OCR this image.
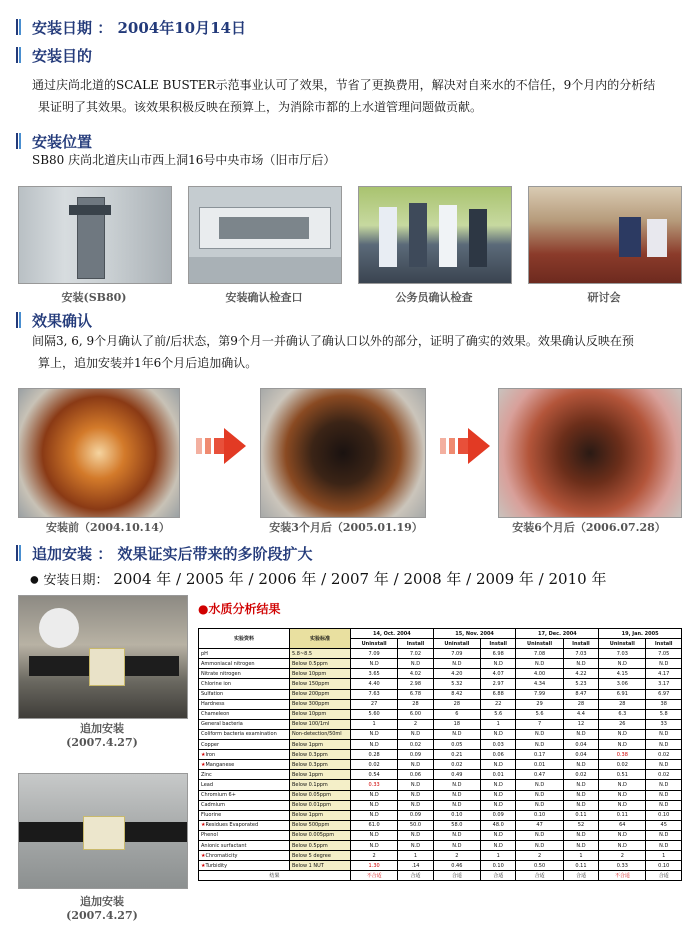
安装日期 ： 2004年10月14日
安装目的
通过庆尚北道的SCALE BUSTER示范事业认可了效果，节省了更换费用，解决对自来水的不信任，9个月内的分析结
果证明了其效果。该效果积极反映在预算上，为消除市都的上水道管理问题做贡献。
安装位置
SB80 庆尚北道庆山市西上洞16号中央市场（旧市厅后）
安装(SB80)	安装确认检查口	公务员确认检查	研讨会
效果确认
间隔3, 6, 9个月确认了前/后状态，第9个月一并确认了确认口以外的部分，证明了确实的效果。效果确认反映在预
算上，追加安装并1年6个月后追加确认。
安装前（2004.10.14）	安装3个月后（2005.01.19）	安装6个月后（2006.07.28）
追加安装 ： 效果证实后带来的多阶段扩大
● 安装日期： 2004 年 / 2005 年 / 2006 年 / 2007 年 / 2008 年 / 2009 年 / 2010 年
追加安装
(2007.4.27)
追加安装
(2007.4.27)
●水质分析结果
实验资料	实验标准	14, Oct. 2004		15, Nov. 2004		17, Dec. 2004		19, Jan. 2005	
		Uninstall	Install	Uninstall	Install	Uninstall	Install	Uninstall	Install
pH	5.8~8.5	7.09	7.02	7.09	6.98	7.08	7.03	7.03	7.05
Ammoniacal nitrogen	Below 0.5ppm	N.D	N.D	N.D	N.D	N.D	N.D	N.D	N.D
Nitrate nitrogen	Below 10ppm	3.65	4.02	4.20	4.07	4.00	4.22	4.15	4.17
Chlorine ion	Below 150ppm	4.40	2.98	5.32	2.97	4.34	5.23	3.06	3.17
Sulfation	Below 200ppm	7.63	6.78	8.42	6.88	7.99	8.47	6.91	6.97
Hardness	Below 300ppm	27	28	28	22	29	28	28	38
Chameleon	Below 10ppm	5.60	6.00	6	5.6	5.6	4.4	6.3	5.8
General bacteria	Below 100/1ml	1	2	18	1	7	12	26	33
Coliform bacteria examination	Non-detection/50ml	N.D	N.D	N.D	N.D	N.D	N.D	N.D	N.D
Copper	Below 1ppm	N.D	0.02	0.05	0.03	N.D	0.04	N.D	N.D
★Iron	Below 0.3ppm	0.28	0.09	0.21	0.06	0.17	0.04	0.38	0.02
★Manganese	Below 0.3ppm	0.02	N.D	0.02	N.D	0.01	N.D	0.02	N.D
Zinc	Below 1ppm	0.54	0.06	0.49	0.01	0.47	0.02	0.51	0.02
Lead	Below 0.1ppm	0.33	N.D	N.D	N.D	N.D	N.D	N.D	N.D
Chromium 6+	Below 0.05ppm	N.D	N.D	N.D	N.D	N.D	N.D	N.D	N.D
Cadmium	Below 0.01ppm	N.D	N.D	N.D	N.D	N.D	N.D	N.D	N.D
Fluorine	Below 1ppm	N.D	0.09	0.10	0.09	0.10	0.11	0.11	0.10
★Residues Evaporated	Below 500ppm	61.0	50.0	58.0	48.0	47	52	64	45
Phenol	Below 0.005ppm	N.D	N.D	N.D	N.D	N.D	N.D	N.D	N.D
Anionic surfactant	Below 0.5ppm	N.D	N.D	N.D	N.D	N.D	N.D	N.D	N.D
★Chromaticity	Below 5 degree	2	1	2	1	2	1	2	1
★Turbidity	Below 1 NUT	1.30	.14	0.46	0.10	0.50	0.11	0.33	0.10
结果		不合适	合适	合适	合适	合适	合适	不合适	合适
